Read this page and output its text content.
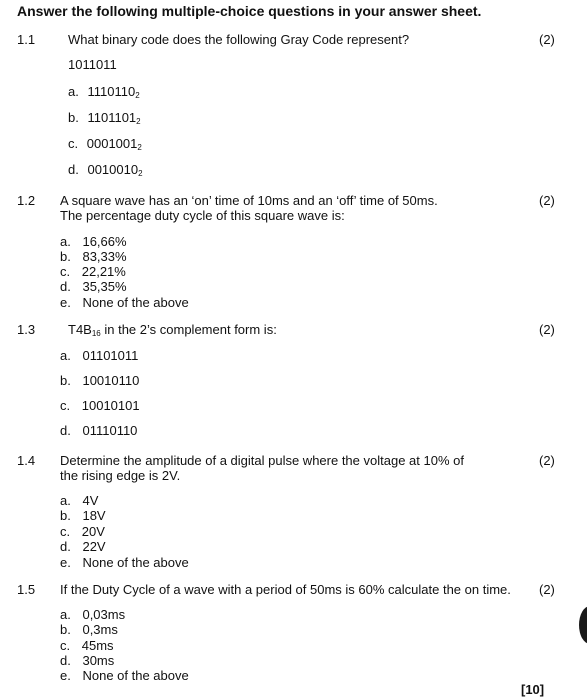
Answer the following multiple-choice questions in your answer sheet.
1.1	What binary code does the following Gray Code represent?	(2)
1011011
a. $1110110_2$
b. $1101101_2$
c. $0001001_2$
d. $0010010_2$
1.2 A square wave has an ‘on’ time of 10ms and an ‘off’ time of 50ms.
The percentage duty cycle of this square wave is:
(2)
a. 16,66%
b. 83,33%
c. 22,21%
d. 35,35%
e. None of the above
1.3	$T4B_{16}$ in the 2’s complement form is:	(2)
a. 01101011
b. 10010110
c. 10010101
d. 01110110
1.4 Determine the amplitude of a digital pulse where the voltage at 10% of
the rising edge is 2V.
(2)
a. 4V
b. 18V
c. 20V
d. 22V
e. None of the above
1.5 If the Duty Cycle of a wave with a period of 50ms is 60% calculate the on time. (2)
a. 0,03ms
b. 0,3ms
c. 45ms
d. 30ms
e. None of the above
[10]
